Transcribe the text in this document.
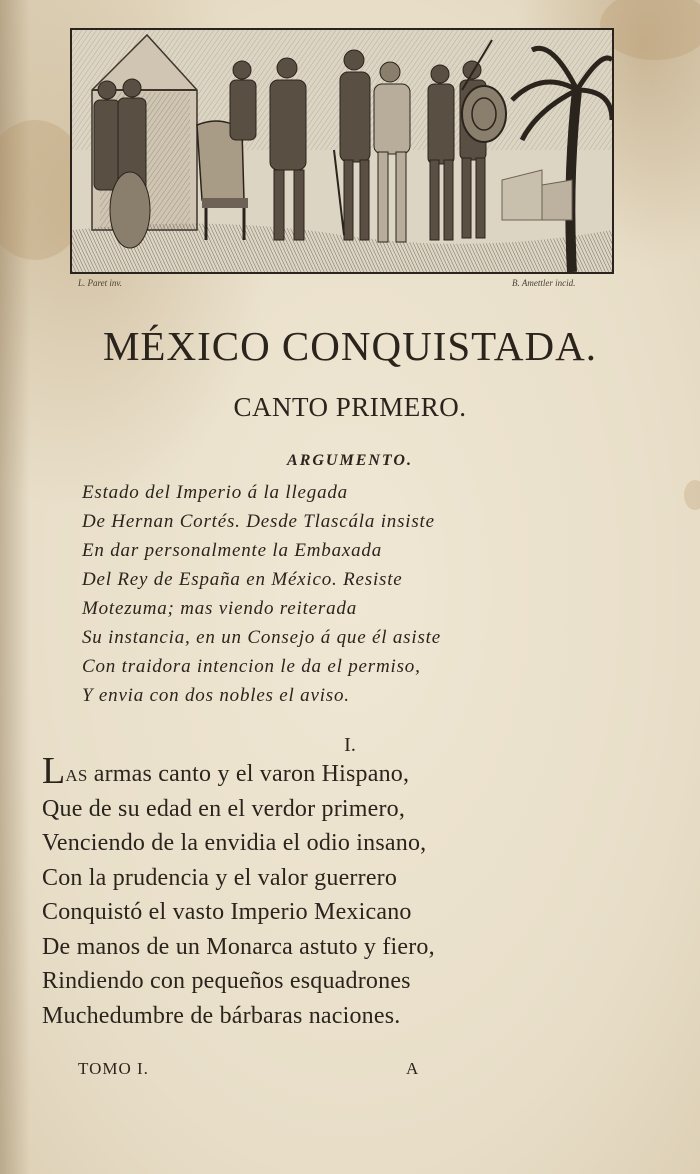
L. Paret inv.	B. Amettler incid.
MÉXICO CONQUISTADA.
CANTO PRIMERO.
ARGUMENTO.
Estado del Imperio á la llegada
De Hernan Cortés. Desde Tlascála insiste
En dar personalmente la Embaxada
Del Rey de España en México. Resiste
Motezuma; mas viendo reiterada
Su instancia, en un Consejo á que él asiste
Con traidora intencion le da el permiso,
Y envia con dos nobles el aviso.
I.
Las armas canto y el varon Hispano,
Que de su edad en el verdor primero,
Venciendo de la envidia el odio insano,
Con la prudencia y el valor guerrero
Conquistó el vasto Imperio Mexicano
De manos de un Monarca astuto y fiero,
Rindiendo con pequeños esquadrones
Muchedumbre de bárbaras naciones.
TOMO I.	A
